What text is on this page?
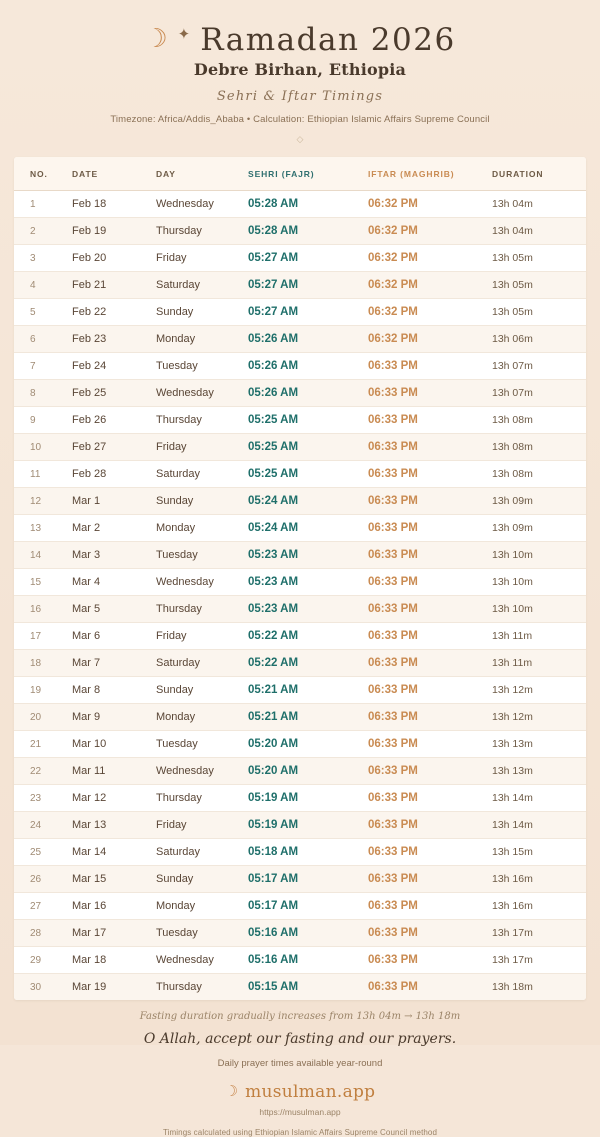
☽ ✦ Ramadan 2026
Debre Birhan, Ethiopia
Sehri & Iftar Timings
Timezone: Africa/Addis_Ababa • Calculation: Ethiopian Islamic Affairs Supreme Council
◇
NO.	DATE	DAY	SEHRI (FAJR)	IFTAR (MAGHRIB)	DURATION
1	Feb 18	Wednesday	05:28 AM	06:32 PM	13h 04m
2	Feb 19	Thursday	05:28 AM	06:32 PM	13h 04m
3	Feb 20	Friday	05:27 AM	06:32 PM	13h 05m
4	Feb 21	Saturday	05:27 AM	06:32 PM	13h 05m
5	Feb 22	Sunday	05:27 AM	06:32 PM	13h 05m
6	Feb 23	Monday	05:26 AM	06:32 PM	13h 06m
7	Feb 24	Tuesday	05:26 AM	06:33 PM	13h 07m
8	Feb 25	Wednesday	05:26 AM	06:33 PM	13h 07m
9	Feb 26	Thursday	05:25 AM	06:33 PM	13h 08m
10	Feb 27	Friday	05:25 AM	06:33 PM	13h 08m
11	Feb 28	Saturday	05:25 AM	06:33 PM	13h 08m
12	Mar 1	Sunday	05:24 AM	06:33 PM	13h 09m
13	Mar 2	Monday	05:24 AM	06:33 PM	13h 09m
14	Mar 3	Tuesday	05:23 AM	06:33 PM	13h 10m
15	Mar 4	Wednesday	05:23 AM	06:33 PM	13h 10m
16	Mar 5	Thursday	05:23 AM	06:33 PM	13h 10m
17	Mar 6	Friday	05:22 AM	06:33 PM	13h 11m
18	Mar 7	Saturday	05:22 AM	06:33 PM	13h 11m
19	Mar 8	Sunday	05:21 AM	06:33 PM	13h 12m
20	Mar 9	Monday	05:21 AM	06:33 PM	13h 12m
21	Mar 10	Tuesday	05:20 AM	06:33 PM	13h 13m
22	Mar 11	Wednesday	05:20 AM	06:33 PM	13h 13m
23	Mar 12	Thursday	05:19 AM	06:33 PM	13h 14m
24	Mar 13	Friday	05:19 AM	06:33 PM	13h 14m
25	Mar 14	Saturday	05:18 AM	06:33 PM	13h 15m
26	Mar 15	Sunday	05:17 AM	06:33 PM	13h 16m
27	Mar 16	Monday	05:17 AM	06:33 PM	13h 16m
28	Mar 17	Tuesday	05:16 AM	06:33 PM	13h 17m
29	Mar 18	Wednesday	05:16 AM	06:33 PM	13h 17m
30	Mar 19	Thursday	05:15 AM	06:33 PM	13h 18m
Fasting duration gradually increases from 13h 04m → 13h 18m
O Allah, accept our fasting and our prayers.
Daily prayer times available year-round
☽ musulman.app
https://musulman.app
Timings calculated using Ethiopian Islamic Affairs Supreme Council method
